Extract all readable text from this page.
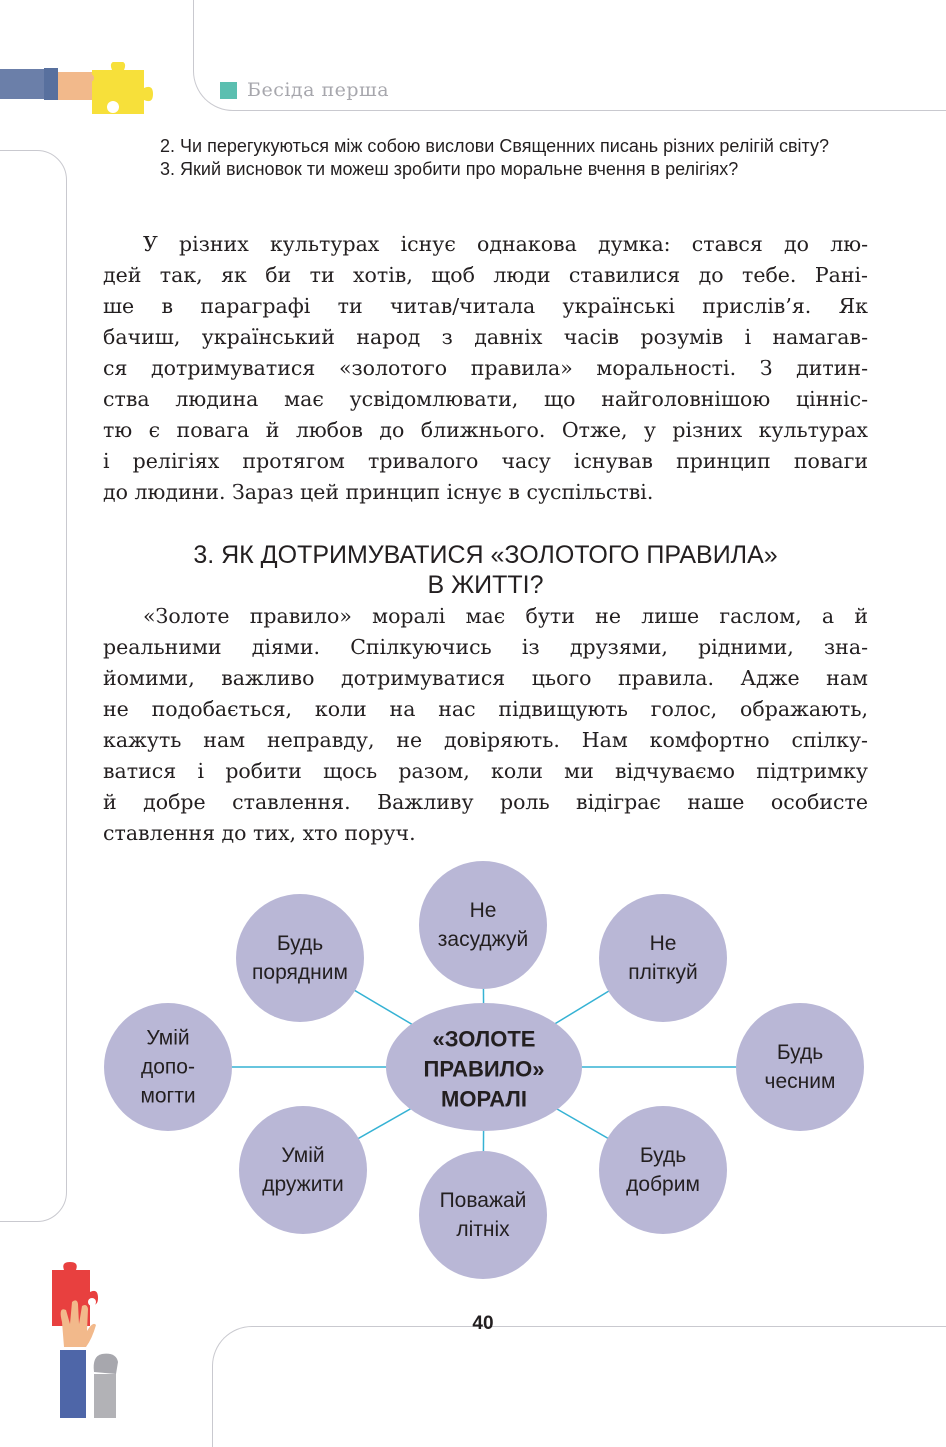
Бесіда перша

2. Чи перегукуються між собою вислови Священних писань різних релігій світу?

3. Який висновок ти можеш зробити про моральне вчення в релігіях?

У різних культурах існує однакова думка: стався до лю-
дей так, як би ти хотів, щоб люди ставилися до тебе. Рані-
ше в параграфі ти читав/читала українські прислів’я. Як
бачиш, український народ з давніх часів розумів і намагав-
ся дотримуватися «золотого правила» моральності. З дитин-
ства людина має усвідомлювати, що найголовнішою цінніс-
тю є повага й любов до ближнього. Отже, у різних культурах
і релігіях протягом тривалого часу існував принцип поваги
до людини. Зараз цей принцип існує в суспільстві.
3. ЯК ДОТРИМУВАТИСЯ «ЗОЛОТОГО ПРАВИЛА»
В ЖИТТІ?
«Золоте правило» моралі має бути не лише гаслом, а й
реальними діями. Спілкуючись із друзями, рідними, зна-
йомими, важливо дотримуватися цього правила. Адже нам
не подобається, коли на нас підвищують голос, ображають,
кажуть нам неправду, не довіряють. Нам комфортно спілку-
ватися і робити щось разом, коли ми відчуваємо підтримку
й добре ставлення. Важливу роль відіграє наше особисте
ставлення до тих, хто поруч.
Не
засуджуй	Не
пліткуй
Будь
чесним
Будь
добрим
Поважай
літніх
Умій
дружити
Умій
допо-
могти
Будь
порядним
«ЗОЛОТЕ
ПРАВИЛО»
МОРАЛІ
40
